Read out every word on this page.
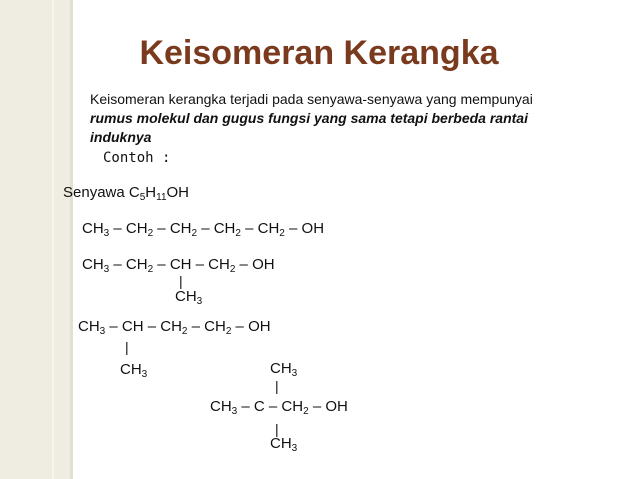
Keisomeran Kerangka
Keisomeran kerangka terjadi pada senyawa-senyawa yang mempunyai
rumus molekul dan gugus fungsi yang sama tetapi berbeda rantai
induknya
Contoh :
Senyawa $C_5H_{11}OH$
$CH_3 - CH_2 - CH_2 - CH_2 - CH_2$ – OH
$CH_3 - CH_2$ – CH – $CH_2$ – OH
|
$CH_3$
$CH_3$ – CH – $CH_2 - CH_2$ – OH
|
$CH_3$	$CH_3$
|
$CH_3$ – C – $CH_2$ – OH
|
$CH_3$
